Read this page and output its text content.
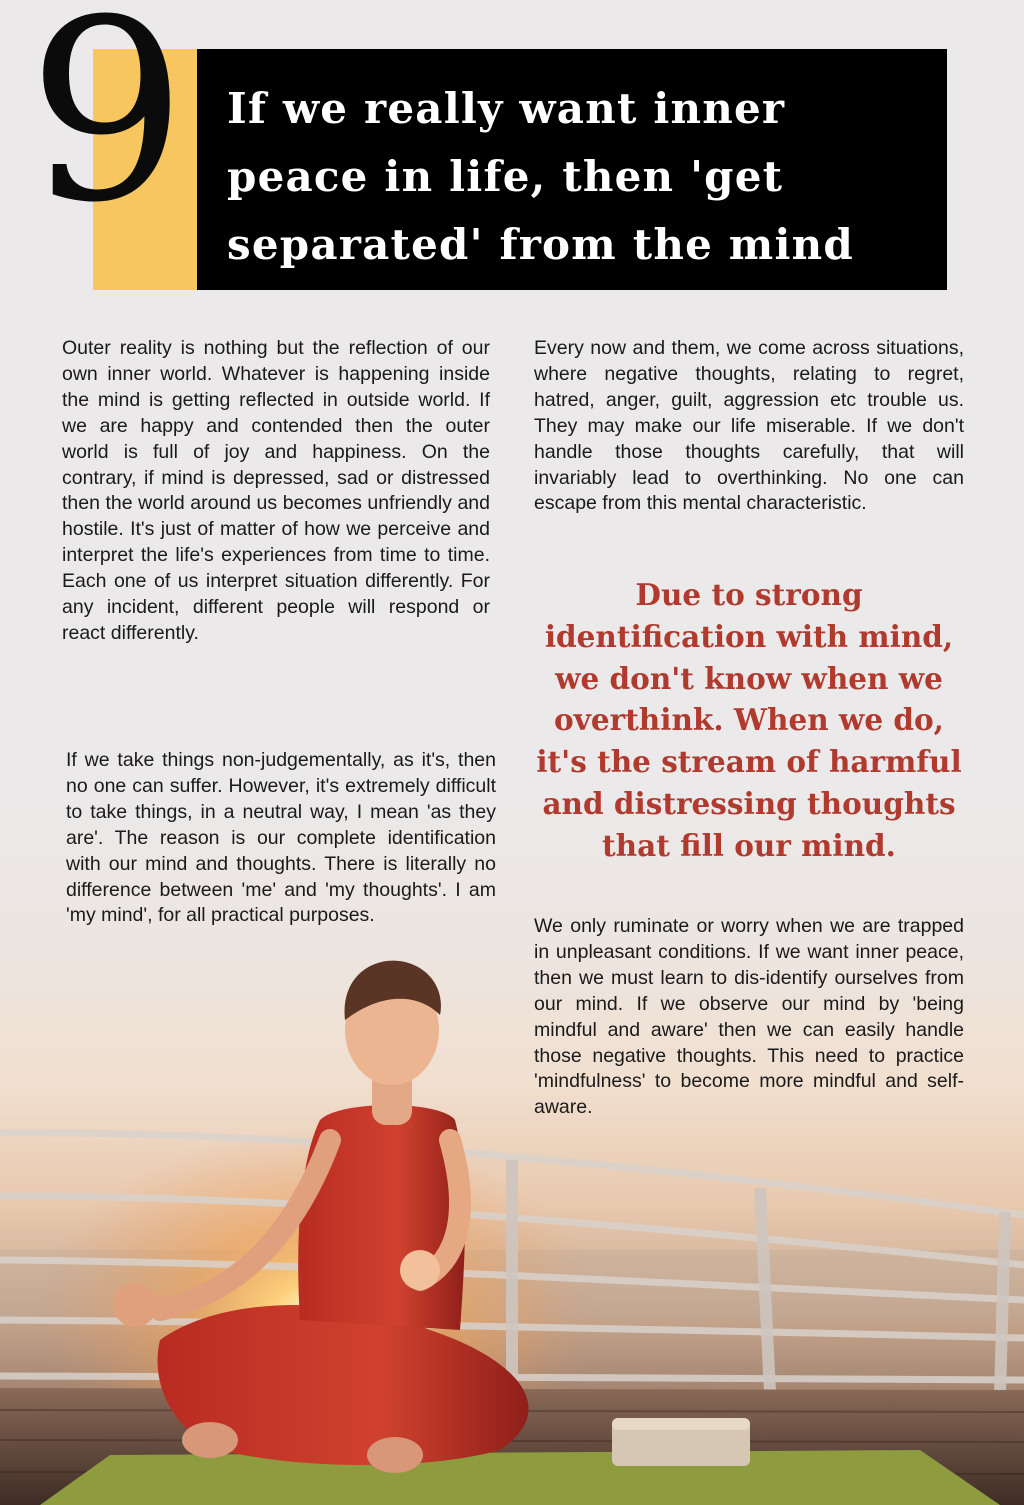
9 If we really want inner peace in life, then 'get separated' from the mind

Outer reality is nothing but the reflection of our own inner world. Whatever is happening inside the mind is getting reflected in outside world. If we are happy and contended then the outer world is full of joy and happiness. On the contrary, if mind is depressed, sad or distressed then the world around us becomes unfriendly and hostile. It's just of matter of how we perceive and interpret the life's experiences from time to time. Each one of us interpret situation differently. For any incident, different people will respond or react differently.

If we take things non-judgementally, as it's, then no one can suffer. However, it's extremely difficult to take things, in a neutral way, I mean 'as they are'. The reason is our complete identification with our mind and thoughts. There is literally no difference between 'me' and 'my thoughts'. I am 'my mind', for all practical purposes.

Every now and them, we come across situations, where negative thoughts, relating to regret, hatred, anger, guilt, aggression etc trouble us. They may make our life miserable. If we don't handle those thoughts carefully, that will invariably lead to overthinking. No one can escape from this mental characteristic.

Due to strong identification with mind, we don't know when we overthink. When we do, it's the stream of harmful and distressing thoughts that fill our mind.

We only ruminate or worry when we are trapped in unpleasant conditions. If we want inner peace, then we must learn to dis-identify ourselves from our mind. If we observe our mind by 'being mindful and aware' then we can easily handle those negative thoughts. This need to practice 'mindfulness' to become more mindful and self-aware.
